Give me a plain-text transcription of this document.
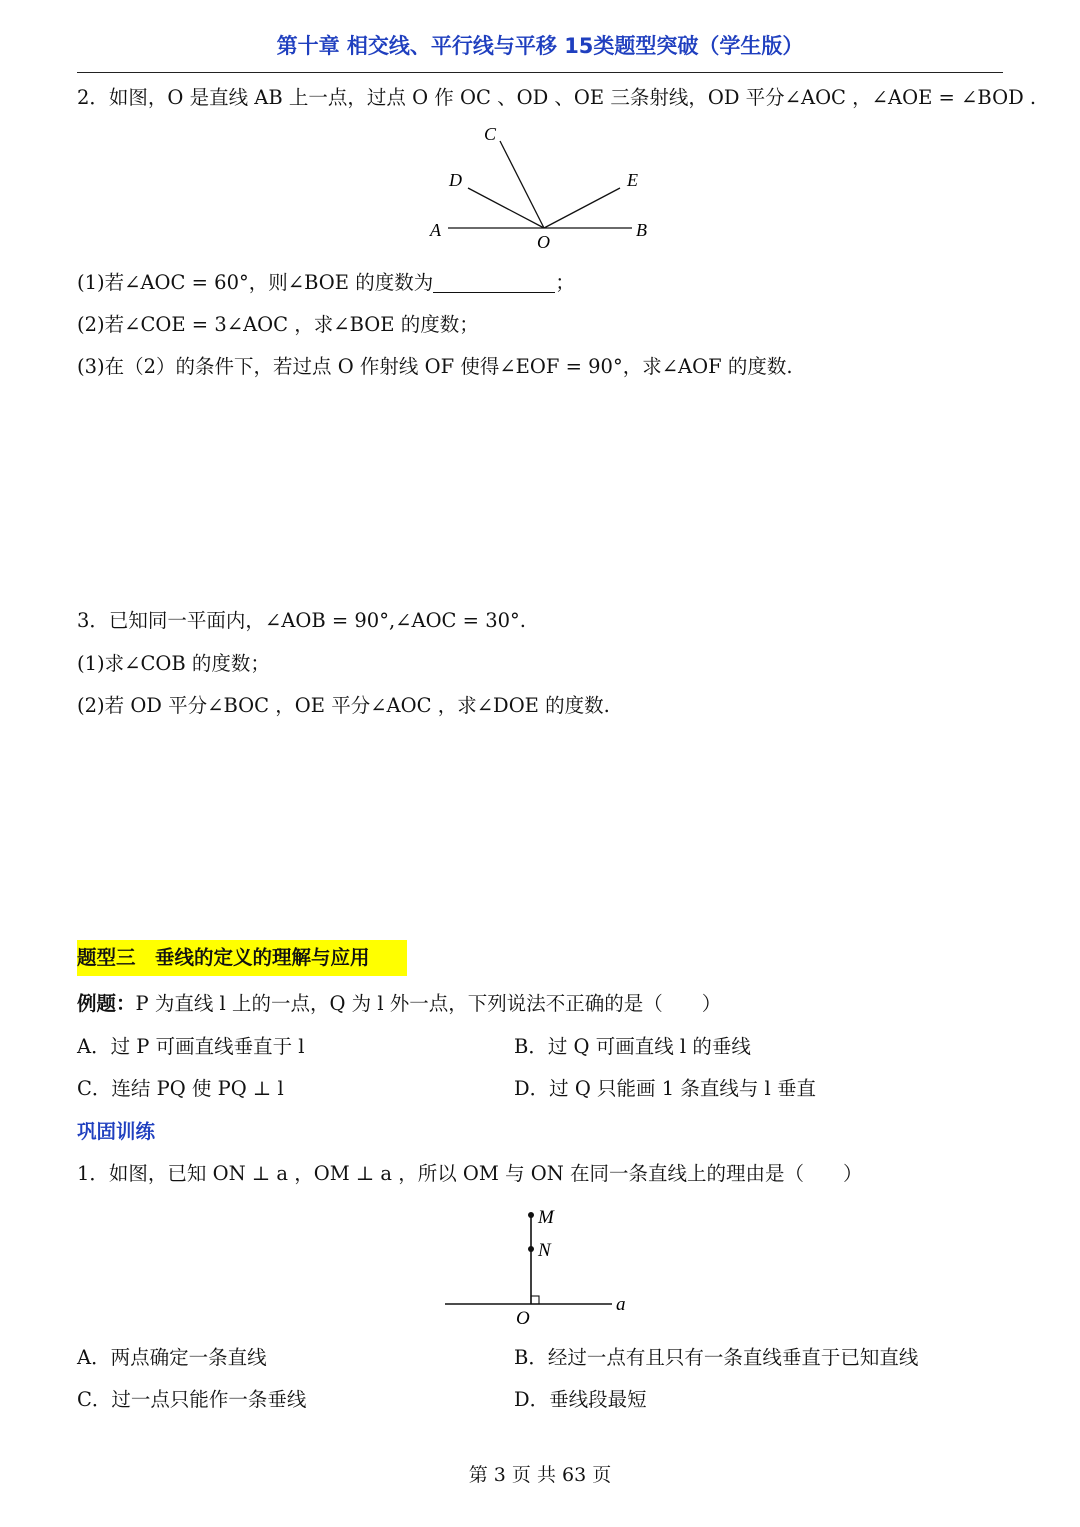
第十章 相交线、平行线与平移 15类题型突破（学生版）
2．如图，O 是直线 AB 上一点，过点 O 作 OC 、OD 、OE 三条射线，OD 平分∠AOC ，∠AOE = ∠BOD .
A	B
C
D	E
O
(1)若∠AOC = 60°，则∠BOE 的度数为	；
(2)若∠COE = 3∠AOC ，求∠BOE 的度数；
(3)在（2）的条件下，若过点 O 作射线 OF 使得∠EOF = 90°，求∠AOF 的度数.
3．已知同一平面内，∠AOB = 90°,∠AOC = 30°.
(1)求∠COB 的度数；
(2)若 OD 平分∠BOC ，OE 平分∠AOC ，求∠DOE 的度数.
题型三　垂线的定义的理解与应用
例题：P 为直线 l 上的一点，Q 为 l 外一点，下列说法不正确的是（　　）
A．过 P 可画直线垂直于 l	B．过 Q 可画直线 l 的垂线
C．连结 PQ 使 PQ ⊥ l	D．过 Q 只能画 1 条直线与 l 垂直
巩固训练
1．如图，已知 ON ⊥ a ，OM ⊥ a ，所以 OM 与 ON 在同一条直线上的理由是（　　）
M
N
O
a
A．两点确定一条直线	B．经过一点有且只有一条直线垂直于已知直线
C．过一点只能作一条垂线	D．垂线段最短
第 3 页 共 63 页
